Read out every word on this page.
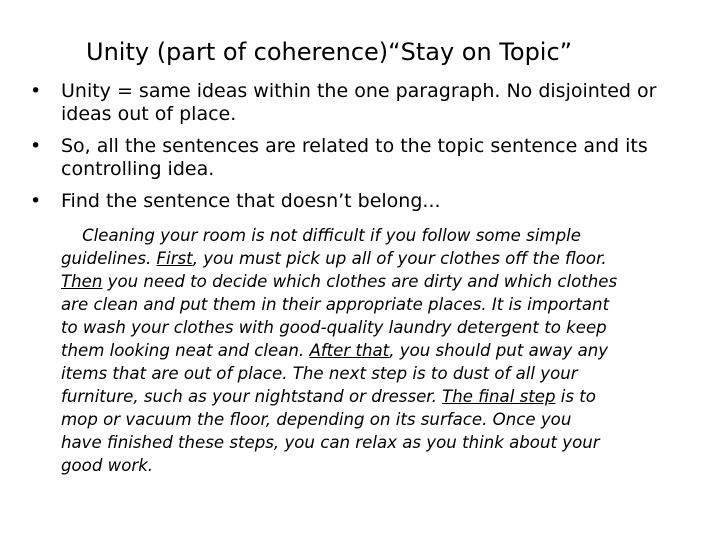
Unity (part of coherence)“Stay on Topic”
•	Unity = same ideas within the one paragraph. No disjointed or ideas out of place.
•	So, all the sentences are related to the topic sentence and its controlling idea.
•	Find the sentence that doesn’t belong...
Cleaning your room is not difficult if you follow some simple
guidelines. First, you must pick up all of your clothes off the floor.
Then you need to decide which clothes are dirty and which clothes
are clean and put them in their appropriate places. It is important
to wash your clothes with good-quality laundry detergent to keep
them looking neat and clean. After that, you should put away any
items that are out of place. The next step is to dust of all your
furniture, such as your nightstand or dresser. The final step is to
mop or vacuum the floor, depending on its surface. Once you
have finished these steps, you can relax as you think about your
good work.
